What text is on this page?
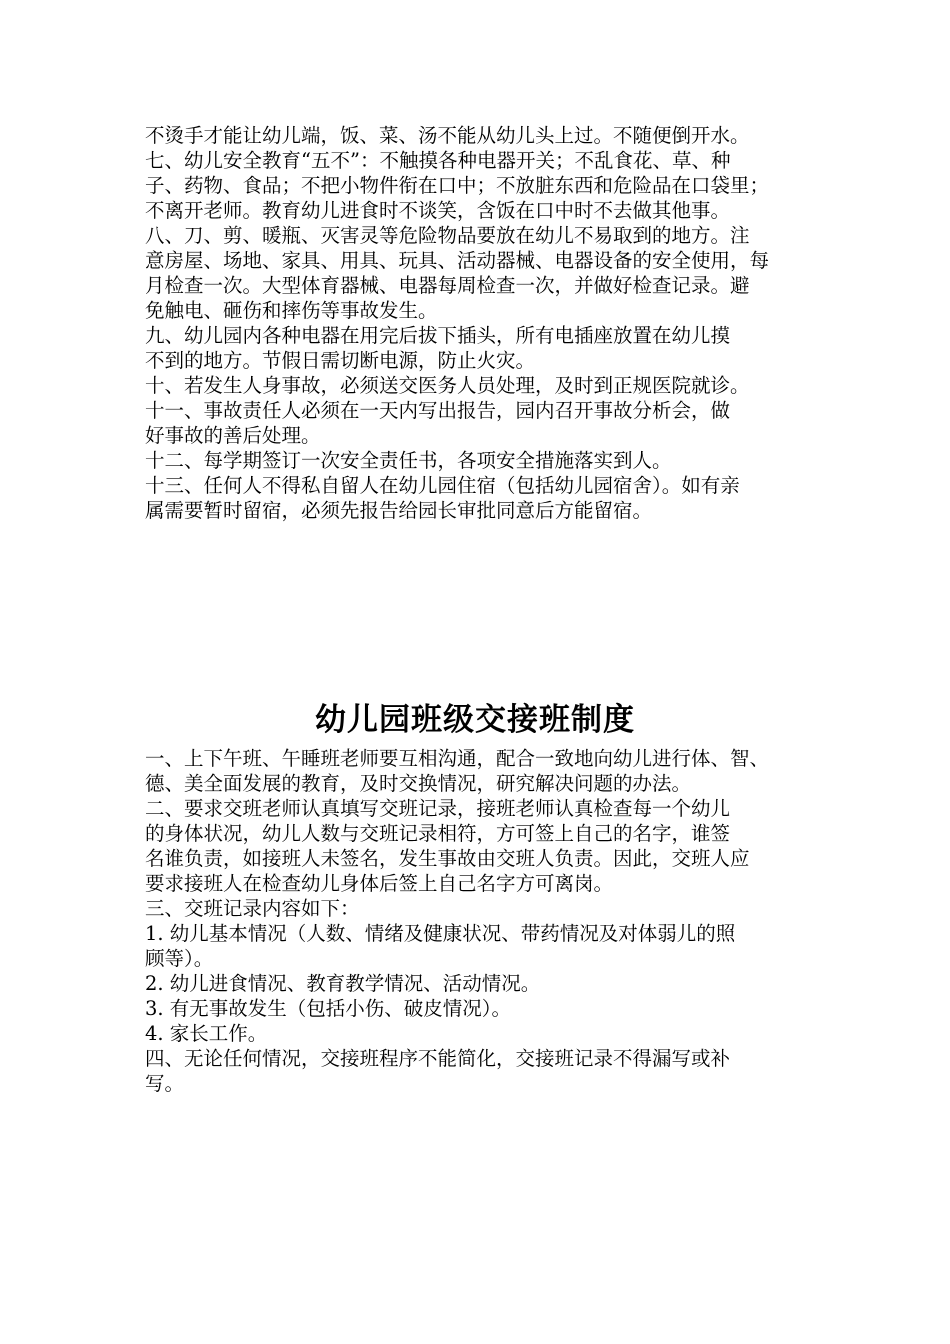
不烫手才能让幼儿端，饭、菜、汤不能从幼儿头上过。不随便倒开水。
七、幼儿安全教育“五不”：不触摸各种电器开关；不乱食花、草、种
子、药物、食品；不把小物件衔在口中；不放脏东西和危险品在口袋里；
不离开老师。教育幼儿进食时不谈笑，含饭在口中时不去做其他事。
八、刀、剪、暖瓶、灭害灵等危险物品要放在幼儿不易取到的地方。注
意房屋、场地、家具、用具、玩具、活动器械、电器设备的安全使用，每
月检查一次。大型体育器械、电器每周检查一次，并做好检查记录。避
免触电、砸伤和摔伤等事故发生。
九、幼儿园内各种电器在用完后拔下插头，所有电插座放置在幼儿摸
不到的地方。节假日需切断电源，防止火灾。
十、若发生人身事故，必须送交医务人员处理，及时到正规医院就诊。
十一、事故责任人必须在一天内写出报告，园内召开事故分析会，做
好事故的善后处理。
十二、每学期签订一次安全责任书，各项安全措施落实到人。
十三、任何人不得私自留人在幼儿园住宿（包括幼儿园宿舍）。如有亲
属需要暂时留宿，必须先报告给园长审批同意后方能留宿。
幼儿园班级交接班制度
一、上下午班、午睡班老师要互相沟通，配合一致地向幼儿进行体、智、
德、美全面发展的教育，及时交换情况，研究解决问题的办法。
二、要求交班老师认真填写交班记录，接班老师认真检查每一个幼儿
的身体状况，幼儿人数与交班记录相符，方可签上自己的名字，谁签
名谁负责，如接班人未签名，发生事故由交班人负责。因此，交班人应
要求接班人在检查幼儿身体后签上自己名字方可离岗。
三、交班记录内容如下：
1. 幼儿基本情况（人数、情绪及健康状况、带药情况及对体弱儿的照
顾等）。
2. 幼儿进食情况、教育教学情况、活动情况。
3. 有无事故发生（包括小伤、破皮情况）。
4. 家长工作。
四、无论任何情况，交接班程序不能简化，交接班记录不得漏写或补
写。
